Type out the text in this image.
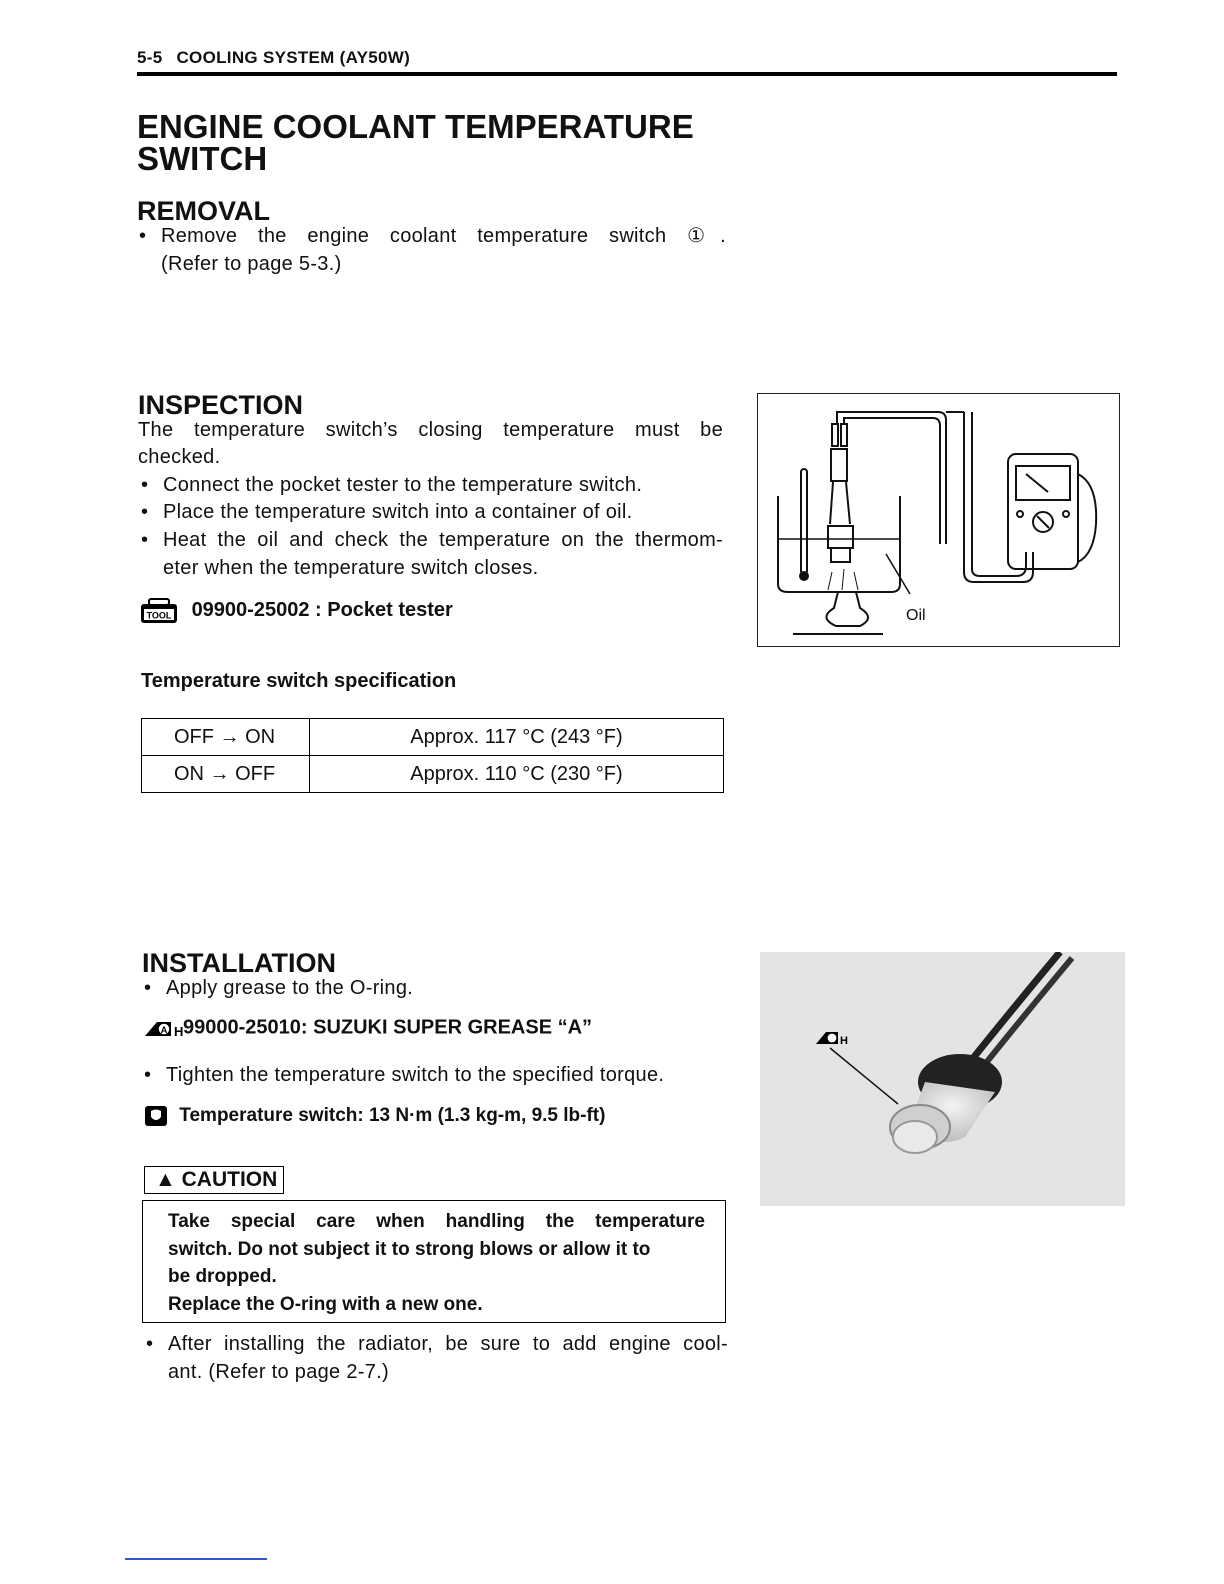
5-5 COOLING SYSTEM (AY50W)
ENGINE COOLANT TEMPERATURE
SWITCH
REMOVAL
• Remove the engine coolant temperature switch ①.
(Refer to page 5-3.)
INSPECTION
The temperature switch’s closing temperature must be
checked.
• Connect the pocket tester to the temperature switch.
• Place the temperature switch into a container of oil.
• Heat the oil and check the temperature on the thermom-
eter when the temperature switch closes.
TOOL 09900-25002 : Pocket tester	Oil
Temperature switch specification
OFF → ON	Approx. 117 °C (243 °F)
ON → OFF	Approx. 110 °C (230 °F)
INSTALLATION
• Apply grease to the O-ring.
A H 99000-25010: SUZUKI SUPER GREASE “A”
• Tighten the temperature switch to the specified torque.
Temperature switch: 13 N·m (1.3 kg-m, 9.5 lb-ft)
▲ CAUTION
Take special care when handling the temperature
switch. Do not subject it to strong blows or allow it to
be dropped.
Replace the O-ring with a new one.
• After installing the radiator, be sure to add engine cool-
ant. (Refer to page 2-7.)
H
